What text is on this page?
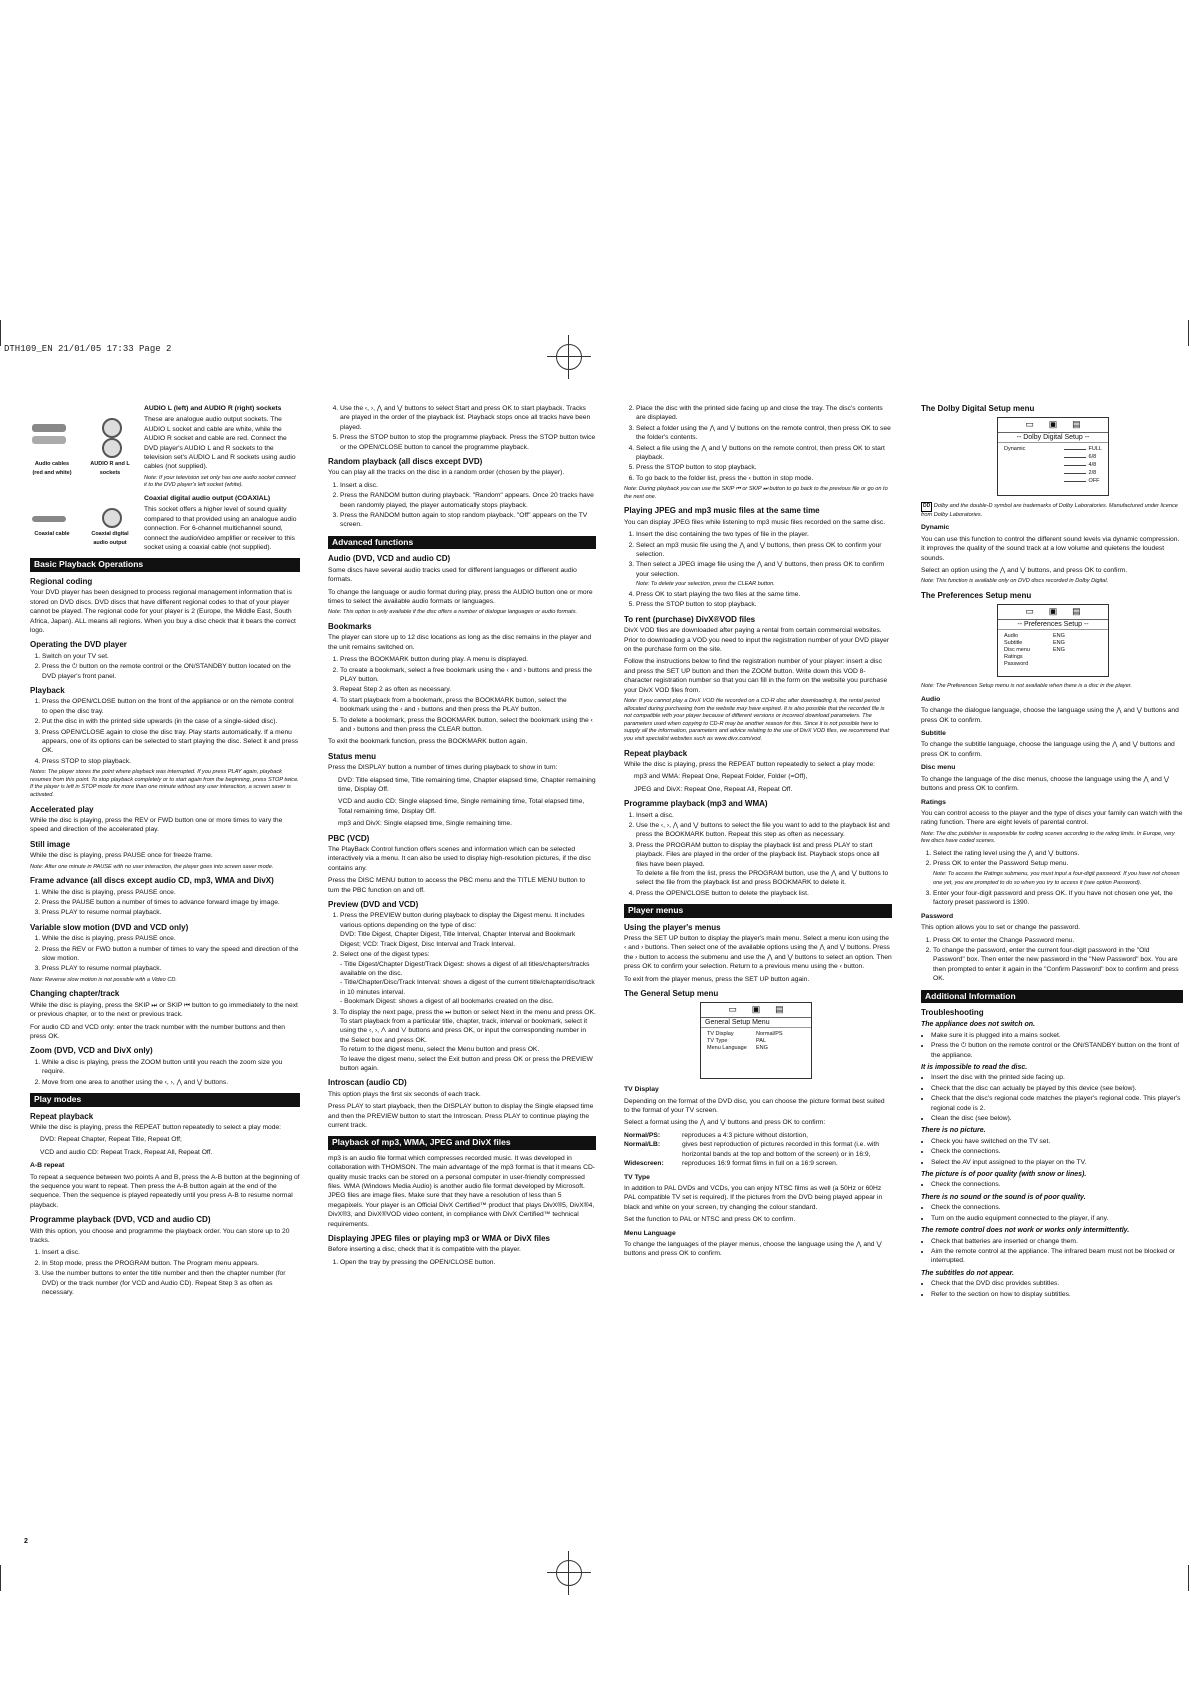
DTH109_EN 21/01/05 17:33 Page 2
Audio cables (red and white)
AUDIO R and L sockets
Coaxial cable	Coaxial digital audio output
AUDIO L (left) and AUDIO R (right) sockets

These are analogue audio output sockets. The AUDIO L socket and cable are white, while the AUDIO R socket and cable are red. Connect the DVD player's AUDIO L and R sockets to the television set's AUDIO L and R sockets using audio cables (not supplied).

Note: If your television set only has one audio socket connect it to the DVD player's left socket (white).

Coaxial digital audio output (COAXIAL)

This socket offers a higher level of sound quality compared to that provided using an analogue audio connection. For 6-channel multichannel sound, connect the audio/video amplifier or receiver to this socket using a coaxial cable (not supplied).

Basic Playback Operations
Regional coding

Your DVD player has been designed to process regional management information that is stored on DVD discs. DVD discs that have different regional codes to that of your player cannot be played. The regional code for your player is 2 (Europe, the Middle East, South Africa, Japan). ALL means all regions. When you buy a disc check that it bears the correct logo.

Operating the DVD player
1. Switch on your TV set.
2. Press the ⏻ button on the remote control or the ON/STANDBY button located on the DVD player's front panel.
Playback
1. Press the OPEN/CLOSE button on the front of the appliance or on the remote control to open the disc tray.
2. Put the disc in with the printed side upwards (in the case of a single-sided disc).
3. Press OPEN/CLOSE again to close the disc tray. Play starts automatically. If a menu appears, one of its options can be selected to start playing the disc. Select it and press OK.
4. Press STOP to stop playback.

Notes: The player stores the point where playback was interrupted. If you press PLAY again, playback resumes from this point. To stop playback completely or to start again from the beginning, press STOP twice. If the player is left in STOP mode for more than one minute without any user interaction, a screen saver is activated.

Accelerated play

While the disc is playing, press the REV or FWD button one or more times to vary the speed and direction of the accelerated play.

Still image

While the disc is playing, press PAUSE once for freeze frame.

Note: After one minute in PAUSE with no user interaction, the player goes into screen saver mode.

Frame advance (all discs except audio CD, mp3, WMA and DivX)
1. While the disc is playing, press PAUSE once.
2. Press the PAUSE button a number of times to advance forward image by image.
3. Press PLAY to resume normal playback.
Variable slow motion (DVD and VCD only)
1. While the disc is playing, press PAUSE once.
2. Press the REV or FWD button a number of times to vary the speed and direction of the slow motion.
3. Press PLAY to resume normal playback.

Note: Reverse slow motion is not possible with a Video CD.

Changing chapter/track

While the disc is playing, press the SKIP ⏭ or SKIP ⏮ button to go immediately to the next or previous chapter, or to the next or previous track.

For audio CD and VCD only: enter the track number with the number buttons and then press OK.

Zoom (DVD, VCD and DivX only)
1. While a disc is playing, press the ZOOM button until you reach the zoom size you require.
2. Move from one area to another using the ‹, ›, ⋀ and ⋁ buttons.
Play modes
Repeat playback

While the disc is playing, press the REPEAT button repeatedly to select a play mode:

DVD: Repeat Chapter, Repeat Title, Repeat Off;

VCD and audio CD: Repeat Track, Repeat All, Repeat Off.

A-B repeat

To repeat a sequence between two points A and B, press the A-B button at the beginning of the sequence you want to repeat. Then press the A-B button again at the end of the sequence. Then the sequence is played repeatedly until you press A-B to resume normal playback.

Programme playback (DVD, VCD and audio CD)

With this option, you choose and programme the playback order. You can store up to 20 tracks.

1. Insert a disc.
2. In Stop mode, press the PROGRAM button. The Program menu appears.
3. Use the number buttons to enter the title number and then the chapter number (for DVD) or the track number (for VCD and Audio CD). Repeat Step 3 as often as necessary.
2
4. Use the ‹, ›, ⋀ and ⋁ buttons to select Start and press OK to start playback. Tracks are played in the order of the playback list. Playback stops once all tracks have been played.
5. Press the STOP button to stop the programme playback. Press the STOP button twice or the OPEN/CLOSE button to cancel the programme playback.
Random playback (all discs except DVD)

You can play all the tracks on the disc in a random order (chosen by the player).

1. Insert a disc.
2. Press the RANDOM button during playback. "Random" appears. Once 20 tracks have been randomly played, the player automatically stops playback.
3. Press the RANDOM button again to stop random playback. "Off" appears on the TV screen.
Advanced functions
Audio (DVD, VCD and audio CD)

Some discs have several audio tracks used for different languages or different audio formats.

To change the language or audio format during play, press the AUDIO button one or more times to select the available audio formats or languages.

Note: This option is only available if the disc offers a number of dialogue languages or audio formats.

Bookmarks

The player can store up to 12 disc locations as long as the disc remains in the player and the unit remains switched on.

1. Press the BOOKMARK button during play. A menu is displayed.
2. To create a bookmark, select a free bookmark using the ‹ and › buttons and press the PLAY button.
3. Repeat Step 2 as often as necessary.
4. To start playback from a bookmark, press the BOOKMARK button, select the bookmark using the ‹ and › buttons and then press the PLAY button.
5. To delete a bookmark, press the BOOKMARK button, select the bookmark using the ‹ and › buttons and then press the CLEAR button.

To exit the bookmark function, press the BOOKMARK button again.

Status menu

Press the DISPLAY button a number of times during playback to show in turn:

DVD: Title elapsed time, Title remaining time, Chapter elapsed time, Chapter remaining time, Display Off.

VCD and audio CD: Single elapsed time, Single remaining time, Total elapsed time, Total remaining time, Display Off.

mp3 and DivX: Single elapsed time, Single remaining time.

PBC (VCD)

The PlayBack Control function offers scenes and information which can be selected interactively via a menu. It can also be used to display high-resolution pictures, if the disc contains any.

Press the DISC MENU button to access the PBC menu and the TITLE MENU button to turn the PBC function on and off.

Preview (DVD and VCD)
1. Press the PREVIEW button during playback to display the Digest menu. It includes various options depending on the type of disc:
DVD: Title Digest, Chapter Digest, Title Interval, Chapter Interval and Bookmark Digest; VCD: Track Digest, Disc Interval and Track Interval.
2. Select one of the digest types:
- Title Digest/Chapter Digest/Track Digest: shows a digest of all titles/chapters/tracks available on the disc.
- Title/Chapter/Disc/Track Interval: shows a digest of the current title/chapter/disc/track in 10 minutes interval.
- Bookmark Digest: shows a digest of all bookmarks created on the disc.
3. To display the next page, press the ⏭ button or select Next in the menu and press OK. To start playback from a particular title, chapter, track, interval or bookmark, select it using the ‹, ›, ⋀ and ⋁ buttons and press OK, or input the corresponding number in the Select box and press OK.
To return to the digest menu, select the Menu button and press OK.
To leave the digest menu, select the Exit button and press OK or press the PREVIEW button again.
Introscan (audio CD)

This option plays the first six seconds of each track.

Press PLAY to start playback, then the DISPLAY button to display the Single elapsed time and then the PREVIEW button to start the Introscan. Press PLAY to continue playing the current track.

Playback of mp3, WMA, JPEG and DivX files

mp3 is an audio file format which compresses recorded music. It was developed in collaboration with THOMSON. The main advantage of the mp3 format is that it means CD-quality music tracks can be stored on a personal computer in user-friendly compressed files. WMA (Windows Media Audio) is another audio file format developed by Microsoft. JPEG files are image files. Make sure that they have a resolution of less than 5 megapixels. Your player is an Official DivX Certified™ product that plays DivX®5, DivX®4, DivX®3, and DivX®VOD video content, in compliance with DivX Certified™ technical requirements.

Displaying JPEG files or playing mp3 or WMA or DivX files

Before inserting a disc, check that it is compatible with the player.

1. Open the tray by pressing the OPEN/CLOSE button.
2. Place the disc with the printed side facing up and close the tray. The disc's contents are displayed.
3. Select a folder using the ⋀ and ⋁ buttons on the remote control, then press OK to see the folder's contents.
4. Select a file using the ⋀ and ⋁ buttons on the remote control, then press OK to start playback.
5. Press the STOP button to stop playback.
6. To go back to the folder list, press the ‹ button in stop mode.

Note: During playback you can use the SKIP ⏮ or SKIP ⏭ button to go back to the previous file or go on to the next one.

Playing JPEG and mp3 music files at the same time

You can display JPEG files while listening to mp3 music files recorded on the same disc.

1. Insert the disc containing the two types of file in the player.
2. Select an mp3 music file using the ⋀ and ⋁ buttons, then press OK to confirm your selection.
3. Then select a JPEG image file using the ⋀ and ⋁ buttons, then press OK to confirm your selection.
Note: To delete your selection, press the CLEAR button.
4. Press OK to start playing the two files at the same time.
5. Press the STOP button to stop playback.
To rent (purchase) DivX®VOD files

DivX VOD files are downloaded after paying a rental from certain commercial websites. Prior to downloading a VOD you need to input the registration number of your DVD player on the purchase form on the site.

Follow the instructions below to find the registration number of your player: insert a disc and press the SET UP button and then the ZOOM button. Write down this VOD 8-character registration number so that you can fill in the form on the website you purchase your DivX VOD files from.

Note: If you cannot play a DivX VOD file recorded on a CD-R disc after downloading it, the rental period allocated during purchasing from the website may have expired. It is also possible that the recorded file is not compatible with your player because of different versions or incorrect download parameters. The parameters used when copying to CD-R may be another reason for this. Since it is not possible here to supply all the information, parameters and advice relating to the use of DivX VOD files, we recommend that you visit specialist websites such as www.divx.com/vod.

Repeat playback

While the disc is playing, press the REPEAT button repeatedly to select a play mode:

mp3 and WMA: Repeat One, Repeat Folder, Folder (=Off),

JPEG and DivX: Repeat One, Repeat All, Repeat Off.

Programme playback (mp3 and WMA)
1. Insert a disc.
2. Use the ‹, ›, ⋀ and ⋁ buttons to select the file you want to add to the playback list and press the BOOKMARK button. Repeat this step as often as necessary.
3. Press the PROGRAM button to display the playback list and press PLAY to start playback. Files are played in the order of the playback list. Playback stops once all files have been played.
To delete a file from the list, press the PROGRAM button, use the ⋀ and ⋁ buttons to select the file from the playback list and press BOOKMARK to delete it.
4. Press the OPEN/CLOSE button to delete the playback list.
Player menus
Using the player's menus

Press the SET UP button to display the player's main menu. Select a menu icon using the ‹ and › buttons. Then select one of the available options using the ⋀ and ⋁ buttons. Press the › button to access the submenu and use the ⋀ and ⋁ buttons to select an option. Then press OK to confirm your selection. Return to a previous menu using the ‹ button.

To exit from the player menus, press the SET UP button again.

The General Setup menu
▭ ▣ ▤
General Setup Menu
TV Display	Normal/PS
TV Type	PAL
Menu Language	ENG
TV Display

Depending on the format of the DVD disc, you can choose the picture format best suited to the format of your TV screen.

Select a format using the ⋀ and ⋁ buttons and press OK to confirm:

Normal/PS:	reproduces a 4:3 picture without distortion,
Normal/LB:	gives best reproduction of pictures recorded in this format (i.e. with horizontal bands at the top and bottom of the screen) or in 16:9,
Widescreen:	reproduces 16:9 format films in full on a 16:9 screen.
TV Type

In addition to PAL DVDs and VCDs, you can enjoy NTSC films as well (a 50Hz or 60Hz PAL compatible TV set is required). If the pictures from the DVD being played appear in black and white on your screen, try changing the colour standard.

Set the function to PAL or NTSC and press OK to confirm.

Menu Language

To change the languages of the player menus, choose the language using the ⋀ and ⋁ buttons and press OK to confirm.

The Dolby Digital Setup menu
▭ ▣ ▤
-- Dolby Digital Setup --
Dynamic	FULL
6/8
4/8
2/8
OFF

DD Dolby and the double-D symbol are trademarks of Dolby Laboratories. Manufactured under licence from Dolby Laboratories.

Dynamic

You can use this function to control the different sound levels via dynamic compression. It improves the quality of the sound track at a low volume and quietens the loudest sounds.

Select an option using the ⋀ and ⋁ buttons, and press OK to confirm.

Note: This function is available only on DVD discs recorded in Dolby Digital.

The Preferences Setup menu
▭ ▣ ▤
-- Preferences Setup --
Audio	ENG
Subtitle	ENG
Disc menu	ENG
Ratings
Password

Note: The Preferences Setup menu is not available when there is a disc in the player.

Audio

To change the dialogue language, choose the language using the ⋀ and ⋁ buttons and press OK to confirm.

Subtitle

To change the subtitle language, choose the language using the ⋀ and ⋁ buttons and press OK to confirm.

Disc menu

To change the language of the disc menus, choose the language using the ⋀ and ⋁ buttons and press OK to confirm.

Ratings

You can control access to the player and the type of discs your family can watch with the rating function. There are eight levels of parental control.

Note: The disc publisher is responsible for coding scenes according to the rating limits. In Europe, very few discs have coded scenes.

1. Select the rating level using the ⋀ and ⋁ buttons.
2. Press OK to enter the Password Setup menu.
Note: To access the Ratings submenu, you must input a four-digit password. If you have not chosen one yet, you are prompted to do so when you try to access it (see option Password).
3. Enter your four-digit password and press OK. If you have not chosen one yet, the factory preset password is 1390.
Password

This option allows you to set or change the password.

1. Press OK to enter the Change Password menu.
2. To change the password, enter the current four-digit password in the "Old Password" box. Then enter the new password in the "New Password" box. You are then prompted to enter it again in the "Confirm Password" box to confirm and press OK.
Additional Information
Troubleshooting
The appliance does not switch on.
• Make sure it is plugged into a mains socket.
• Press the ⏻ button on the remote control or the ON/STANDBY button on the front of the appliance.
It is impossible to read the disc.
• Insert the disc with the printed side facing up.
• Check that the disc can actually be played by this device (see below).
• Check that the disc's regional code matches the player's regional code. This player's regional code is 2.
• Clean the disc (see below).
There is no picture.
• Check you have switched on the TV set.
• Check the connections.
• Select the AV input assigned to the player on the TV.
The picture is of poor quality (with snow or lines).
• Check the connections.
There is no sound or the sound is of poor quality.
• Check the connections.
• Turn on the audio equipment connected to the player, if any.
The remote control does not work or works only intermittently.
• Check that batteries are inserted or change them.
• Aim the remote control at the appliance. The infrared beam must not be blocked or interrupted.
The subtitles do not appear.
• Check that the DVD disc provides subtitles.
• Refer to the section on how to display subtitles.
